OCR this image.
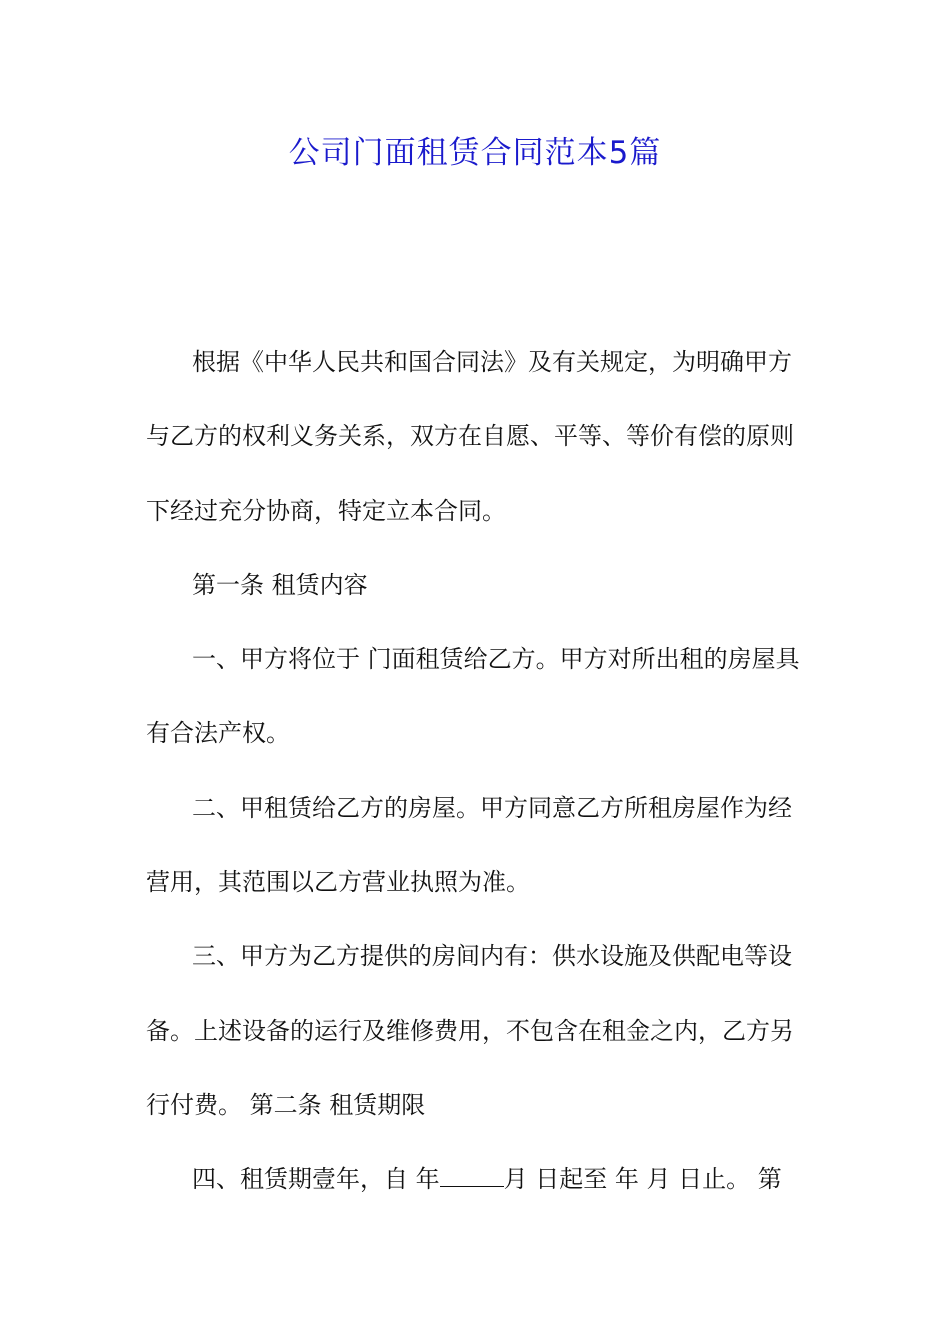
公司门面租赁合同范本5篇
根据《中华人民共和国合同法》及有关规定，为明确甲方
与乙方的权利义务关系，双方在自愿、平等、等价有偿的原则
下经过充分协商，特定立本合同。
第一条 租赁内容
一、甲方将位于 门面租赁给乙方。甲方对所出租的房屋具
有合法产权。
二、甲租赁给乙方的房屋。甲方同意乙方所租房屋作为经
营用，其范围以乙方营业执照为准。
三、甲方为乙方提供的房间内有：供水设施及供配电等设
备。上述设备的运行及维修费用，不包含在租金之内，乙方另
行付费。 第二条 租赁期限
四、租赁期壹年，自 年	月 日起至 年 月 日止。 第
